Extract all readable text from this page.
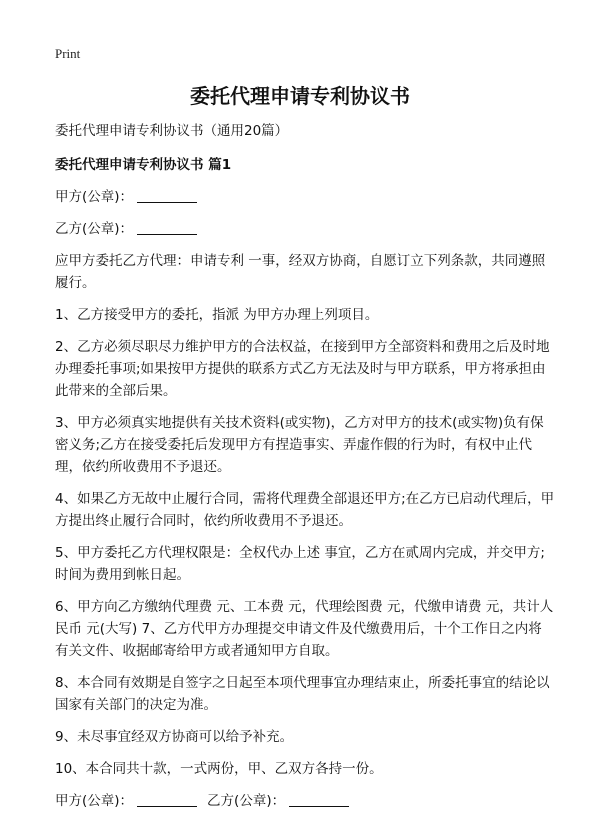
Print
委托代理申请专利协议书

委托代理申请专利协议书（通用20篇）

委托代理申请专利协议书 篇1

甲方(公章)：

乙方(公章)：

应甲方委托乙方代理：申请专利 一事，经双方协商，自愿订立下列条款，共同遵照履行。

1、乙方接受甲方的委托，指派 为甲方办理上列项目。

2、乙方必须尽职尽力维护甲方的合法权益，在接到甲方全部资料和费用之后及时地办理委托事项;如果按甲方提供的联系方式乙方无法及时与甲方联系，甲方将承担由此带来的全部后果。

3、甲方必须真实地提供有关技术资料(或实物)，乙方对甲方的技术(或实物)负有保密义务;乙方在接受委托后发现甲方有捏造事实、弄虚作假的行为时，有权中止代理，依约所收费用不予退还。

4、如果乙方无故中止履行合同，需将代理费全部退还甲方;在乙方已启动代理后，甲方提出终止履行合同时，依约所收费用不予退还。

5、甲方委托乙方代理权限是：全权代办上述 事宜，乙方在贰周内完成，并交甲方;时间为费用到帐日起。

6、甲方向乙方缴纳代理费 元、工本费 元，代理绘图费 元，代缴申请费 元，共计人民币 元(大写) 7、乙方代甲方办理提交申请文件及代缴费用后，十个工作日之内将有关文件、收据邮寄给甲方或者通知甲方自取。

8、本合同有效期是自签字之日起至本项代理事宜办理结束止，所委托事宜的结论以国家有关部门的决定为准。

9、未尽事宜经双方协商可以给予补充。

10、本合同共十款，一式两份，甲、乙双方各持一份。

甲方(公章)：	乙方(公章)：
